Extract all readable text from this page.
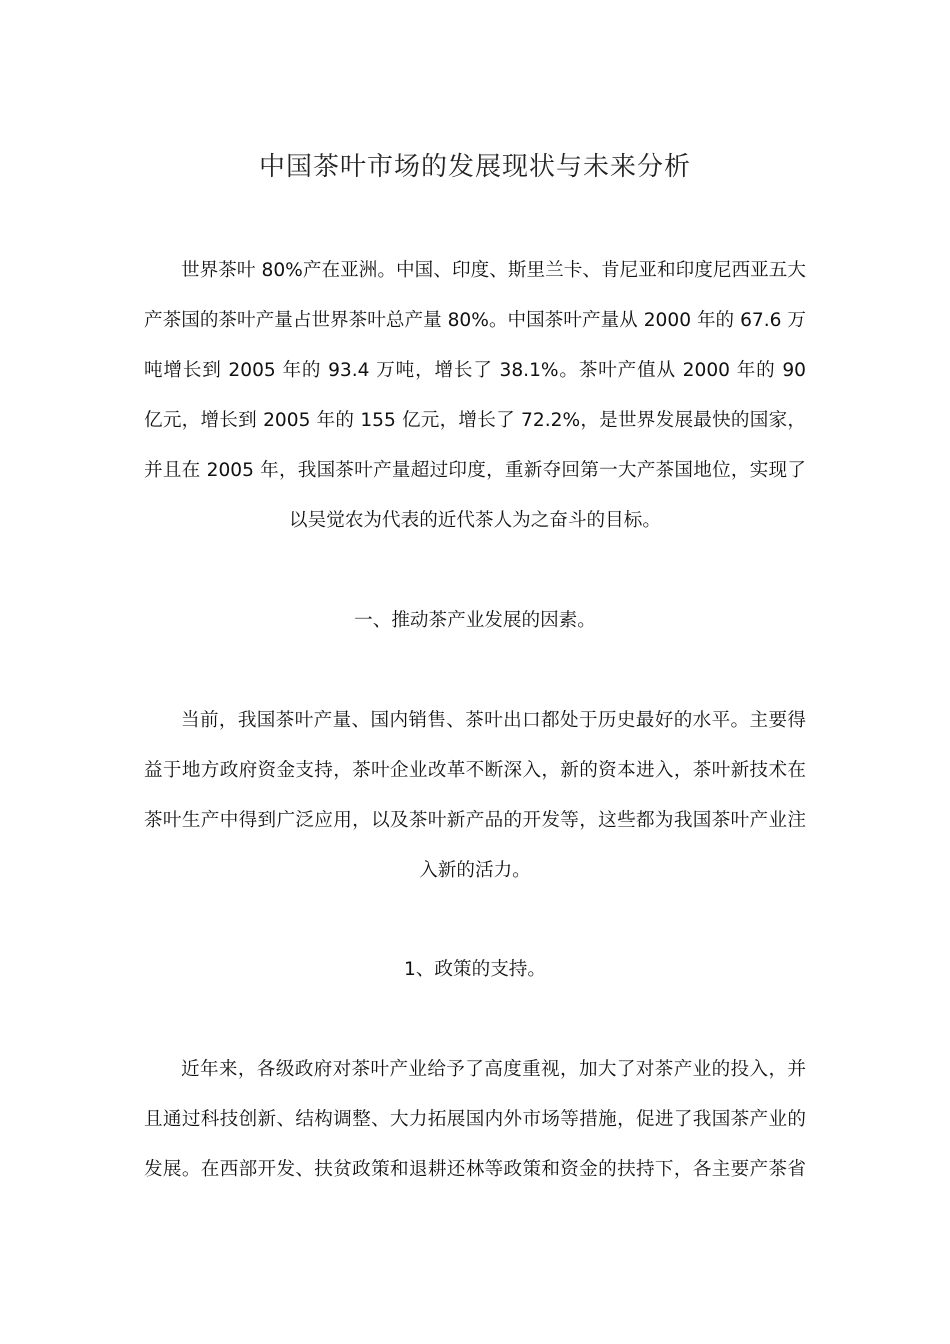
中国茶叶市场的发展现状与未来分析

世界茶叶 80%产在亚洲。中国、印度、斯里兰卡、肯尼亚和印度尼西亚五大产茶国的茶叶产量占世界茶叶总产量 80%。中国茶叶产量从 2000 年的 67.6 万吨增长到 2005 年的 93.4 万吨，增长了 38.1%。茶叶产值从 2000 年的 90 亿元，增长到 2005 年的 155 亿元，增长了 72.2%，是世界发展最快的国家，并且在 2005 年，我国茶叶产量超过印度，重新夺回第一大产茶国地位，实现了以吴觉农为代表的近代茶人为之奋斗的目标。

一、推动茶产业发展的因素。

当前，我国茶叶产量、国内销售、茶叶出口都处于历史最好的水平。主要得益于地方政府资金支持，茶叶企业改革不断深入，新的资本进入，茶叶新技术在茶叶生产中得到广泛应用，以及茶叶新产品的开发等，这些都为我国茶叶产业注入新的活力。

1、政策的支持。

近年来，各级政府对茶叶产业给予了高度重视，加大了对茶产业的投入，并且通过科技创新、结构调整、大力拓展国内外市场等措施，促进了我国茶产业的发展。在西部开发、扶贫政策和退耕还林等政策和资金的扶持下，各主要产茶省
